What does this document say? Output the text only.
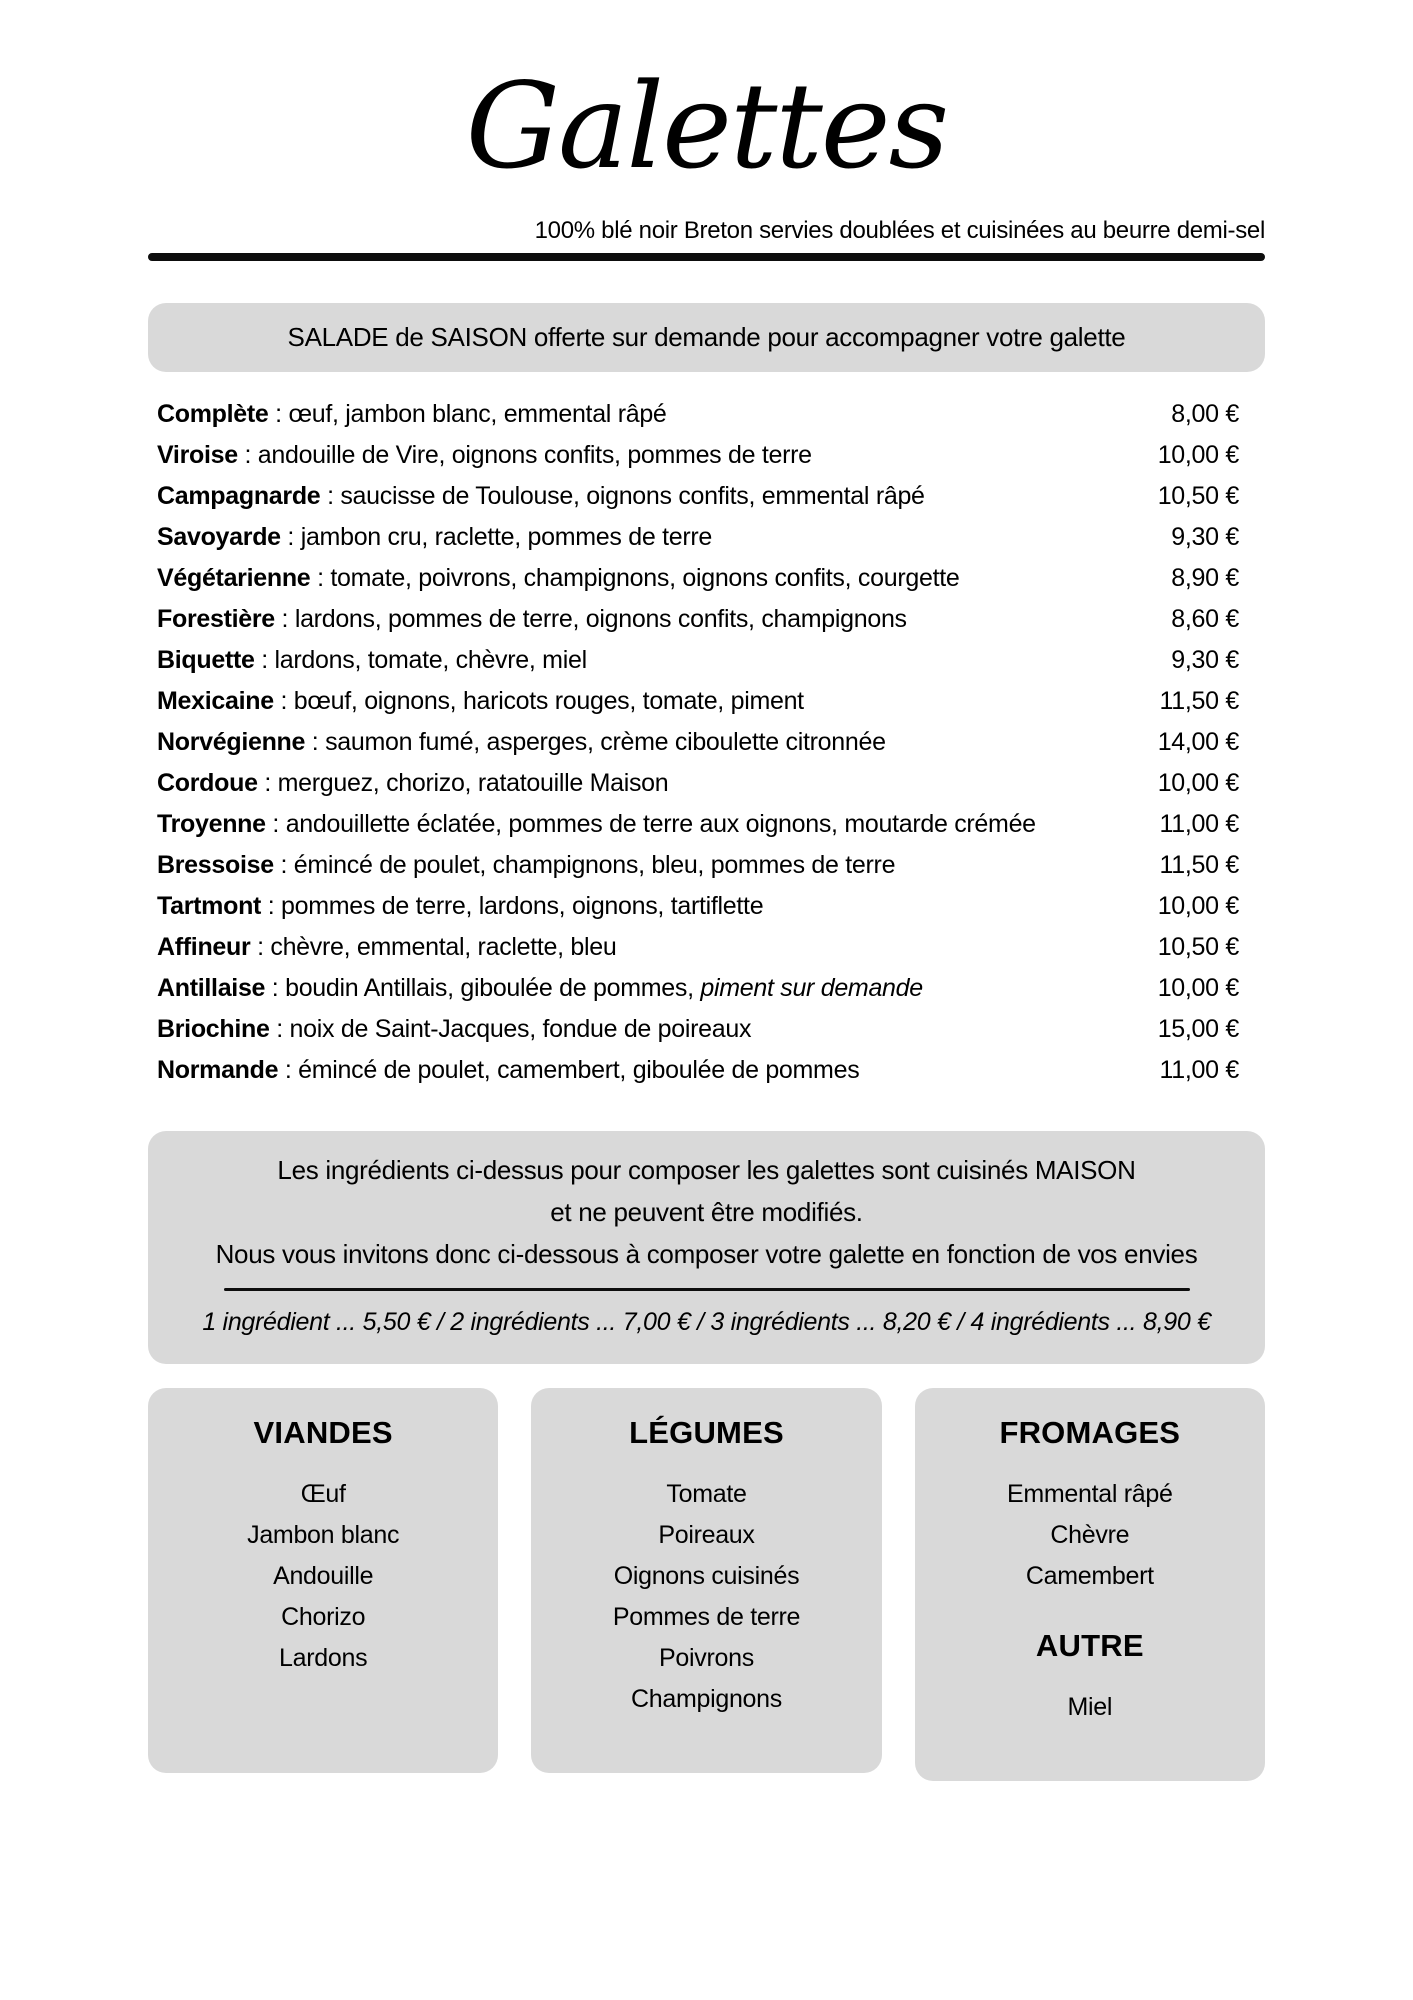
Galettes
100% blé noir Breton servies doublées et cuisinées au beurre demi-sel
SALADE de SAISON offerte sur demande pour accompagner votre galette
Complète : œuf, jambon blanc, emmental râpé	8,00 €
Viroise : andouille de Vire, oignons confits, pommes de terre	10,00 €
Campagnarde : saucisse de Toulouse, oignons confits, emmental râpé	10,50 €
Savoyarde : jambon cru, raclette, pommes de terre	9,30 €
Végétarienne : tomate, poivrons, champignons, oignons confits, courgette	8,90 €
Forestière : lardons, pommes de terre, oignons confits, champignons	8,60 €
Biquette : lardons, tomate, chèvre, miel	9,30 €
Mexicaine : bœuf, oignons, haricots rouges, tomate, piment	11,50 €
Norvégienne : saumon fumé, asperges, crème ciboulette citronnée	14,00 €
Cordoue : merguez, chorizo, ratatouille Maison	10,00 €
Troyenne : andouillette éclatée, pommes de terre aux oignons, moutarde crémée	11,00 €
Bressoise : émincé de poulet, champignons, bleu, pommes de terre	11,50 €
Tartmont : pommes de terre, lardons, oignons, tartiflette	10,00 €
Affineur : chèvre, emmental, raclette, bleu	10,50 €
Antillaise : boudin Antillais, giboulée de pommes, piment sur demande	10,00 €
Briochine : noix de Saint-Jacques, fondue de poireaux	15,00 €
Normande : émincé de poulet, camembert, giboulée de pommes	11,00 €
Les ingrédients ci-dessus pour composer les galettes sont cuisinés MAISON
et ne peuvent être modifiés.
Nous vous invitons donc ci-dessous à composer votre galette en fonction de vos envies
1 ingrédient ... 5,50 € / 2 ingrédients ... 7,00 € / 3 ingrédients ... 8,20 € / 4 ingrédients ... 8,90 €
VIANDES
Œuf
Jambon blanc
Andouille
Chorizo
Lardons
LÉGUMES
Tomate
Poireaux
Oignons cuisinés
Pommes de terre
Poivrons
Champignons
FROMAGES
Emmental râpé
Chèvre
Camembert
AUTRE
Miel
